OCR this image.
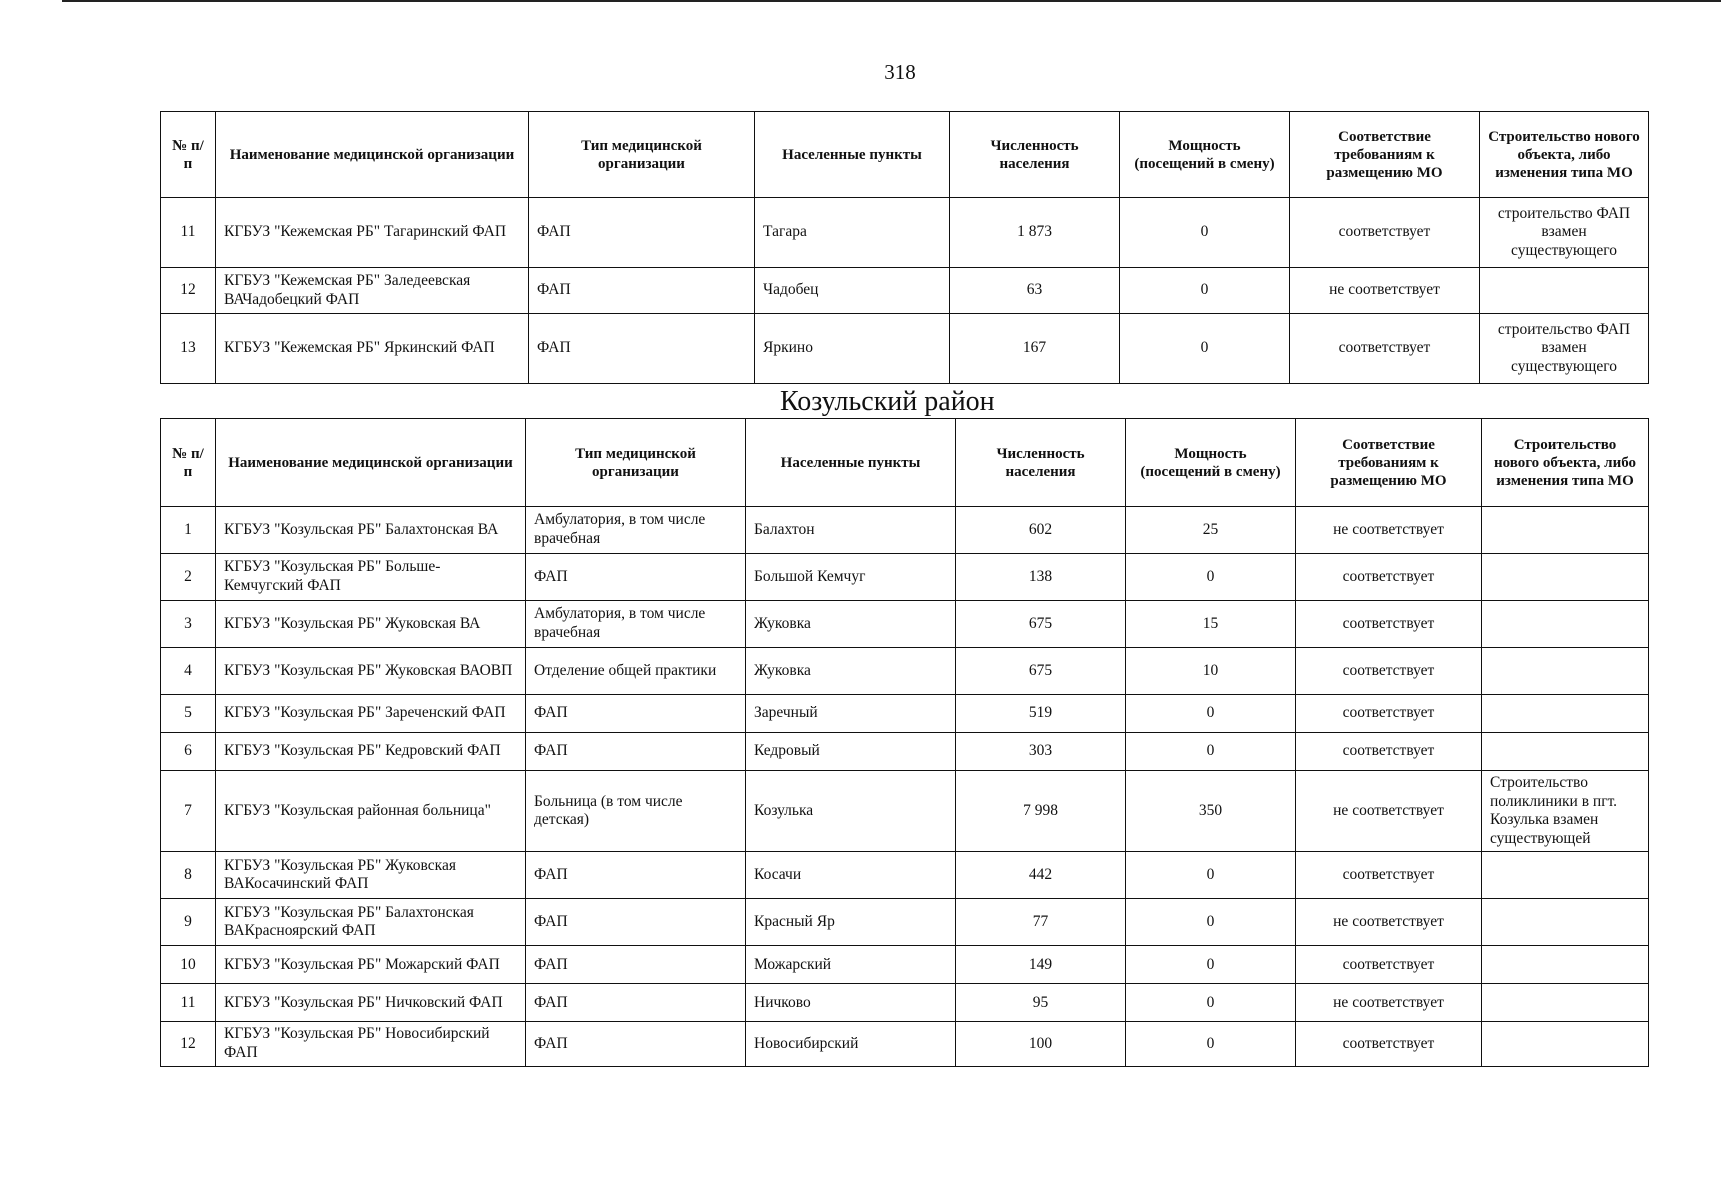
318
№ п/п	Наименование медицинской организации	Тип медицинской организации	Населенные пункты	Численность населения	Мощность (посещений в смену)	Соответствие требованиям к размещению МО	Строительство нового объекта, либо изменения типа МО
11	КГБУЗ "Кежемская РБ" Тагаринский ФАП	ФАП	Тагара	1 873	0	соответствует	строительство ФАП взамен существующего
12	КГБУЗ "Кежемская РБ" Заледеевская ВАЧадобецкий ФАП	ФАП	Чадобец	63	0	не соответствует	
13	КГБУЗ "Кежемская РБ" Яркинский ФАП	ФАП	Яркино	167	0	соответствует	строительство ФАП взамен существующего
Козульский район
№ п/п	Наименование медицинской организации	Тип медицинской организации	Населенные пункты	Численность населения	Мощность (посещений в смену)	Соответствие требованиям к размещению МО	Строительство нового объекта, либо изменения типа МО
1	КГБУЗ "Козульская РБ" Балахтонская ВА	Амбулатория, в том числе врачебная	Балахтон	602	25	не соответствует	
2	КГБУЗ "Козульская РБ" Больше-Кемчугский ФАП	ФАП	Большой Кемчуг	138	0	соответствует	
3	КГБУЗ "Козульская РБ" Жуковская ВА	Амбулатория, в том числе врачебная	Жуковка	675	15	соответствует	
4	КГБУЗ "Козульская РБ" Жуковская ВАОВП	Отделение общей практики	Жуковка	675	10	соответствует	
5	КГБУЗ "Козульская РБ" Зареченский ФАП	ФАП	Заречный	519	0	соответствует	
6	КГБУЗ "Козульская РБ" Кедровский ФАП	ФАП	Кедровый	303	0	соответствует	
7	КГБУЗ "Козульская районная больница"	Больница (в том числе детская)	Козулька	7 998	350	не соответствует	Строительство поликлиники в пгт. Козулька взамен существующей
8	КГБУЗ "Козульская РБ" Жуковская ВАКосачинский ФАП	ФАП	Косачи	442	0	соответствует	
9	КГБУЗ "Козульская РБ" Балахтонская ВАКрасноярский ФАП	ФАП	Красный Яр	77	0	не соответствует	
10	КГБУЗ "Козульская РБ" Можарский ФАП	ФАП	Можарский	149	0	соответствует	
11	КГБУЗ "Козульская РБ" Ничковский ФАП	ФАП	Ничково	95	0	не соответствует	
12	КГБУЗ "Козульская РБ" Новосибирский ФАП	ФАП	Новосибирский	100	0	соответствует	
